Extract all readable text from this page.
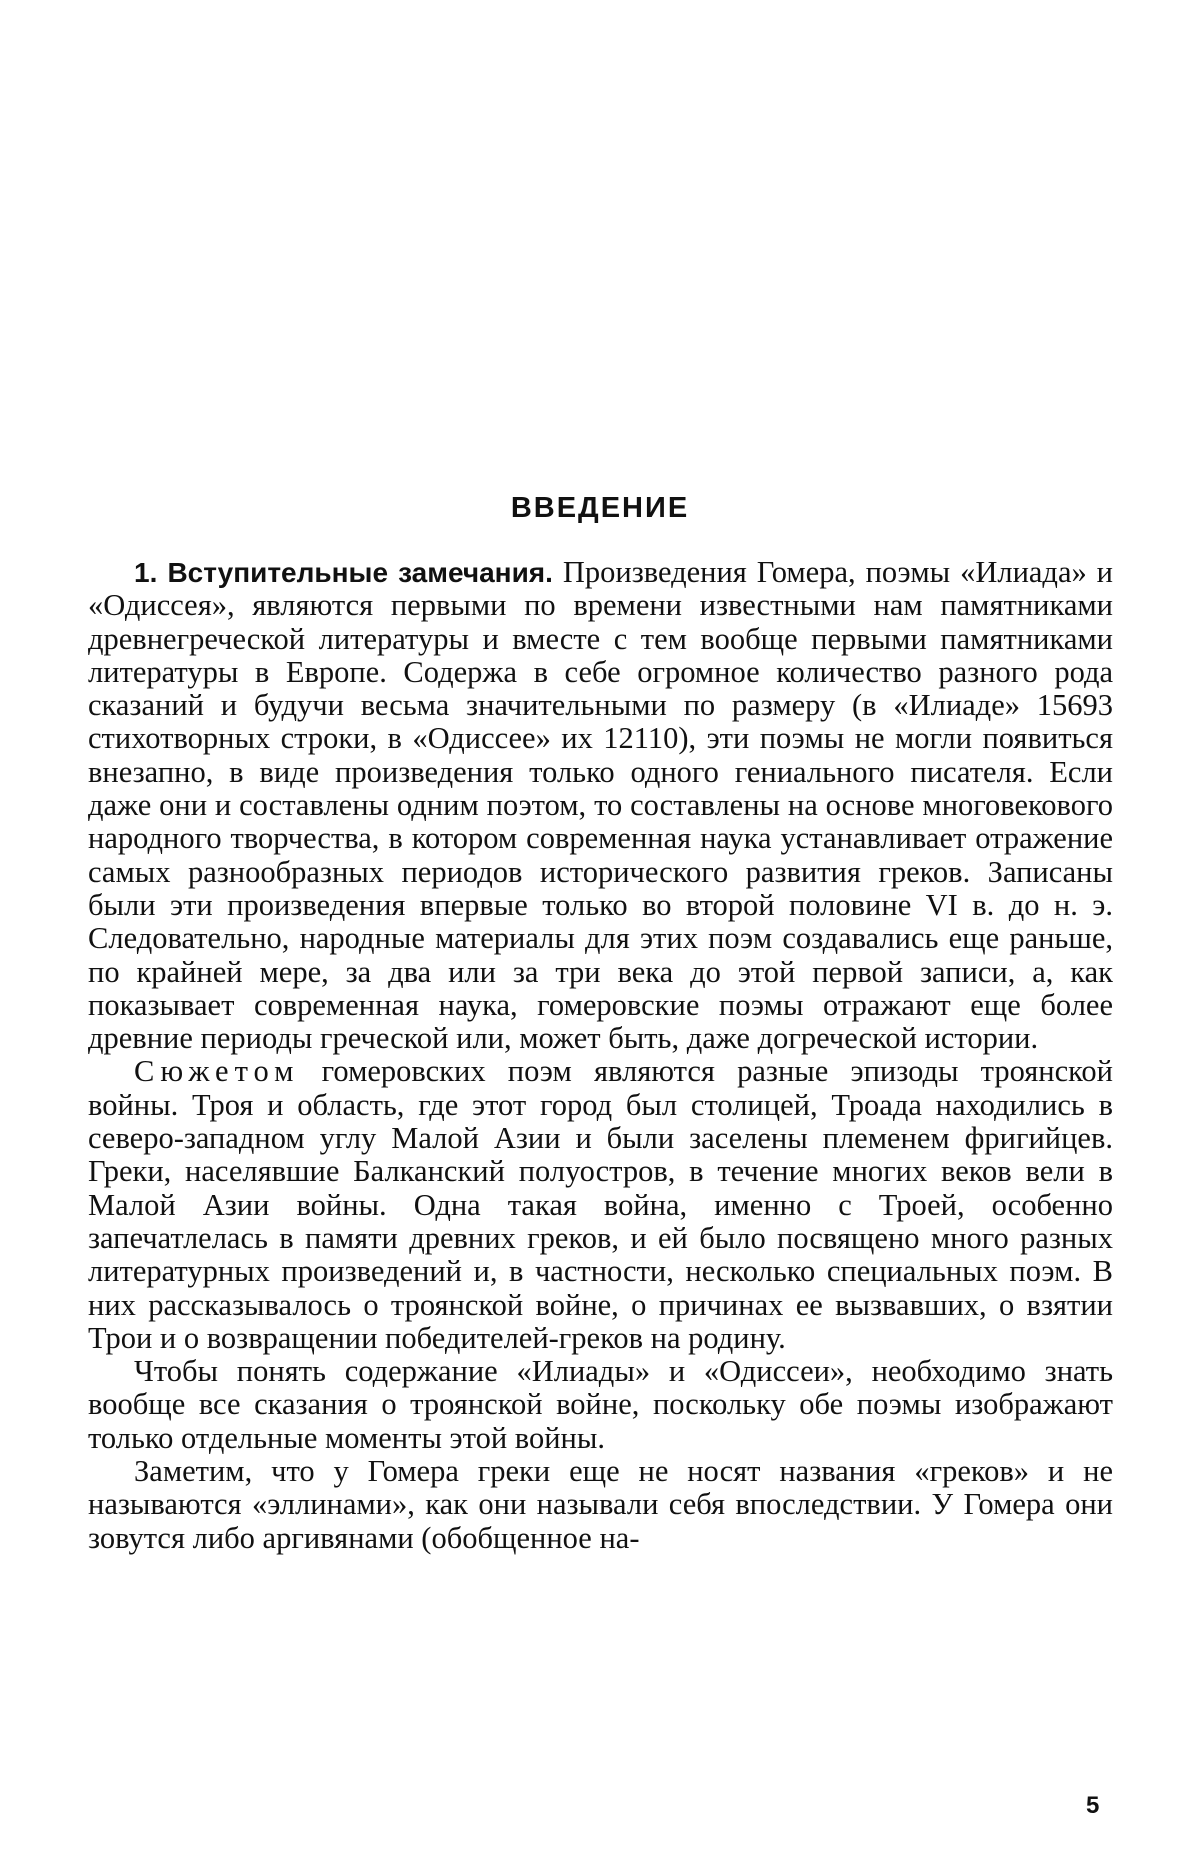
ВВЕДЕНИЕ

1. Вступительные замечания. Произведения Гомера, поэмы «Илиада» и «Одиссея», являются первыми по времени известными нам памятниками древнегреческой литературы и вместе с тем вообще первыми памятниками литературы в Европе. Содержа в себе огромное количество разного рода сказаний и будучи весьма значительными по размеру (в «Илиаде» 15693 стихотворных строки, в «Одиссее» их 12110), эти поэмы не могли появиться внезапно, в виде произведения только одного гениального писателя. Если даже они и составлены одним поэтом, то составлены на основе многовекового народного творчества, в котором современная наука устанавливает отражение самых разнообразных периодов исторического развития греков. Записаны были эти произведения впервые только во второй половине VI в. до н. э. Следовательно, народные материалы для этих поэм создавались еще раньше, по крайней мере, за два или за три века до этой первой записи, а, как показывает современная наука, гомеровские поэмы отражают еще более древние периоды греческой или, может быть, даже догреческой истории.

Сюжетом гомеровских поэм являются разные эпизоды троянской войны. Троя и область, где этот город был столицей, Троада находились в северо-западном углу Малой Азии и были заселены племенем фригийцев. Греки, населявшие Балканский полуостров, в течение многих веков вели в Малой Азии войны. Одна такая война, именно с Троей, особенно запечатлелась в памяти древних греков, и ей было посвящено много разных литературных произведений и, в частности, несколько специальных поэм. В них рассказывалось о троянской войне, о причинах ее вызвавших, о взятии Трои и о возвращении победителей-греков на родину.

Чтобы понять содержание «Илиады» и «Одиссеи», необходимо знать вообще все сказания о троянской войне, поскольку обе поэмы изображают только отдельные моменты этой войны.

Заметим, что у Гомера греки еще не носят названия «греков» и не называются «эллинами», как они называли себя впоследствии. У Гомера они зовутся либо аргивянами (обобщенное на-

5
